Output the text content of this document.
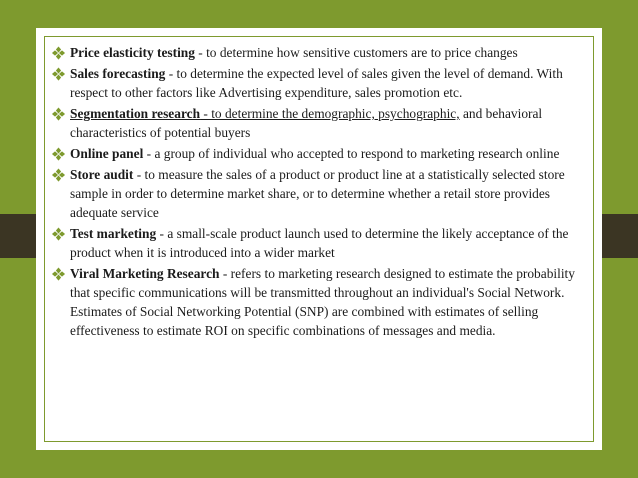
Price elasticity testing - to determine how sensitive customers are to price changes
Sales forecasting - to determine the expected level of sales given the level of demand. With respect to other factors like Advertising expenditure, sales promotion etc.
Segmentation research - to determine the demographic, psychographic, and behavioral characteristics of potential buyers
Online panel - a group of individual who accepted to respond to marketing research online
Store audit - to measure the sales of a product or product line at a statistically selected store sample in order to determine market share, or to determine whether a retail store provides adequate service
Test marketing - a small-scale product launch used to determine the likely acceptance of the product when it is introduced into a wider market
Viral Marketing Research - refers to marketing research designed to estimate the probability that specific communications will be transmitted throughout an individual's Social Network. Estimates of Social Networking Potential (SNP) are combined with estimates of selling effectiveness to estimate ROI on specific combinations of messages and media.
